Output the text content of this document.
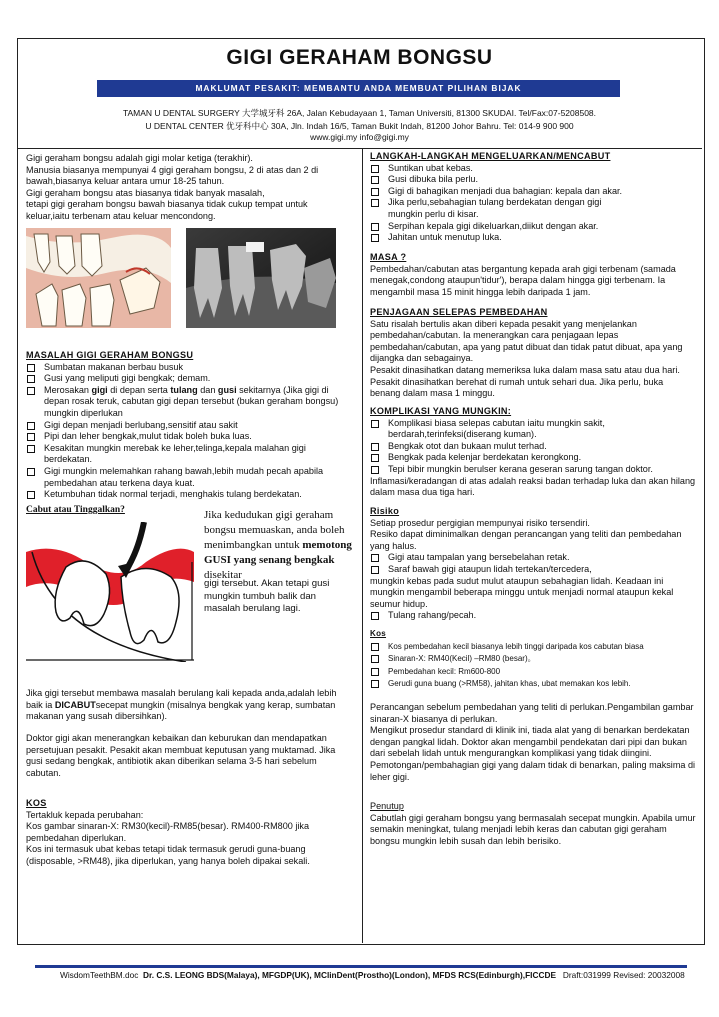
GIGI GERAHAM BONGSU
MAKLUMAT PESAKIT: MEMBANTU ANDA MEMBUAT PILIHAN BIJAK
TAMAN U DENTAL SURGERY 大学城牙科 26A, Jalan Kebudayaan 1, Taman Universiti, 81300 SKUDAI. Tel/Fax:07-5208508.
U DENTAL CENTER 优牙科中心 30A, Jln. Indah 16/5, Taman Bukit Indah, 81200 Johor Bahru. Tel: 014-9 900 900
www.gigi.my info@gigi.my

Gigi geraham bongsu adalah gigi molar ketiga (terakhir).

Manusia biasanya mempunyai 4 gigi geraham bongsu, 2 di atas dan 2 di bawah,biasanya keluar antara umur 18-25 tahun.

Gigi geraham bongsu atas biasanya tidak banyak masalah,

tetapi gigi geraham bongsu bawah biasanya tidak cukup tempat untuk keluar,iaitu terbenam atau keluar mencondong.

MASALAH GIGI GERAHAM BONGSU

Sumbatan makanan berbau busuk
Gusi yang meliputi gigi bengkak; demam.
Merosakan gigi di depan serta tulang dan gusi sekitarnya (Jika gigi di depan rosak teruk, cabutan gigi depan tersebut (bukan geraham bongsu) mungkin diperlukan
Gigi depan menjadi berlubang,sensitif atau sakit
Pipi dan leher bengkak,mulut tidak boleh buka luas.
Kesakitan mungkin merebak ke leher,telinga,kepala malahan gigi berdekatan.
Gigi mungkin melemahkan rahang bawah,lebih mudah pecah apabila pembedahan atau terkena daya kuat.
Ketumbuhan tidak normal terjadi, menghakis tulang berdekatan.
Cabut atau Tinggalkan?	Jika kedudukan gigi geraham bongsu memuaskan, anda boleh menimbangkan untuk memotong GUSI yang senang bengkak disekitar
gigi tersebut. Akan tetapi gusi mungkin tumbuh balik dan masalah berulang lagi.
Jika gigi tersebut membawa masalah berulang kali kepada anda,adalah lebih baik ia DICABUTsecepat mungkin (misalnya bengkak yang kerap, sumbatan makanan yang susah dibersihkan).
Doktor gigi akan menerangkan kebaikan dan keburukan dan mendapatkan persetujuan pesakit. Pesakit akan membuat keputusan yang muktamad. Jika gusi sedang bengkak, antibiotik akan diberikan selama 3-5 hari sebelum cabutan.

KOS

Tertakluk kepada perubahan:

Kos gambar sinaran-X: RM30(kecil)-RM85(besar). RM400-RM800 jika pembedahan diperlukan.

Kos ini termasuk ubat kebas tetapi tidak termasuk gerudi guna-buang (disposable, >RM48), jika diperlukan, yang hanya boleh dipakai sekali.

LANGKAH-LANGKAH MENGELUARKAN/MENCABUT

Suntikan ubat kebas.
Gusi dibuka bila perlu.
Gigi di bahagikan menjadi dua bahagian: kepala dan akar.
Jika perlu,sebahagian tulang berdekatan dengan gigi mungkin perlu di kisar.
Serpihan kepala gigi dikeluarkan,diikut dengan akar.
Jahitan untuk menutup luka.

MASA ?

Pembedahan/cabutan atas bergantung kepada arah gigi terbenam (samada menegak,condong ataupun'tidur'), berapa dalam hingga gigi terbenam. Ia mengambil masa 15 minit hingga lebih daripada 1 jam.

PENJAGAAN SELEPAS PEMBEDAHAN

Satu risalah bertulis akan diberi kepada pesakit yang menjelankan pembedahan/cabutan. Ia menerangkan cara penjagaan lepas pembedahan/cabutan, apa yang patut dibuat dan tidak patut dibuat, apa yang dijangka dan sebagainya.

Pesakit dinasihatkan datang memeriksa luka dalam masa satu atau dua hari. Pesakit dinasihatkan berehat di rumah untuk sehari dua. Jika perlu, buka benang dalam masa 1 minggu.

KOMPLIKASI YANG MUNGKIN:

Komplikasi biasa selepas cabutan iaitu mungkin sakit, berdarah,terinfeksi(diserang kuman).
Bengkak otot dan bukaan mulut terhad.
Bengkak pada kelenjar berdekatan kerongkong.
Tepi bibir mungkin berulser kerana geseran sarung tangan doktor.

Inflamasi/keradangan di atas adalah reaksi badan terhadap luka dan akan hilang dalam masa dua tiga hari.

Risiko

Setiap prosedur pergigian mempunyai risiko tersendiri.

Resiko dapat diminimalkan dengan perancangan yang teliti dan pembedahan yang halus.

Gigi atau tampalan yang bersebelahan retak.
Saraf bawah gigi ataupun lidah tertekan/tercedera,

mungkin kebas pada sudut mulut ataupun sebahagian lidah. Keadaan ini mungkin mengambil beberapa minggu untuk menjadi normal ataupun kekal seumur hidup.

Tulang rahang/pecah.

Kos

Kos pembedahan kecil biasanya lebih tinggi daripada kos cabutan biasa
Sinaran-X: RM40(Kecil) –RM80 (besar)。
Pembedahan kecil: Rm600-800
Gerudi guna buang (>RM58), jahitan khas, ubat memakan kos lebih.

Perancangan sebelum pembedahan yang teliti di perlukan.Pengambilan gambar sinaran-X biasanya di perlukan.

Mengikut prosedur standard di klinik ini, tiada alat yang di benarkan berdekatan dengan pangkal lidah. Doktor akan mengambil pendekatan dari pipi dan bukan dari sebelah lidah untuk mengurangkan komplikasi yang tidak diingini.

Pemotongan/pembahagian gigi yang dalam tidak di benarkan, paling maksima di leher gigi.

Penutup

Cabutlah gigi geraham bongsu yang bermasalah secepat mungkin. Apabila umur semakin meningkat, tulang menjadi lebih keras dan cabutan gigi geraham bongsu mungkin lebih susah dan lebih berisiko.

WisdomTeethBM.doc Dr. C.S. LEONG BDS(Malaya), MFGDP(UK), MClinDent(Prostho)(London), MFDS RCS(Edinburgh),FICCDE Draft:031999 Revised: 20032008
